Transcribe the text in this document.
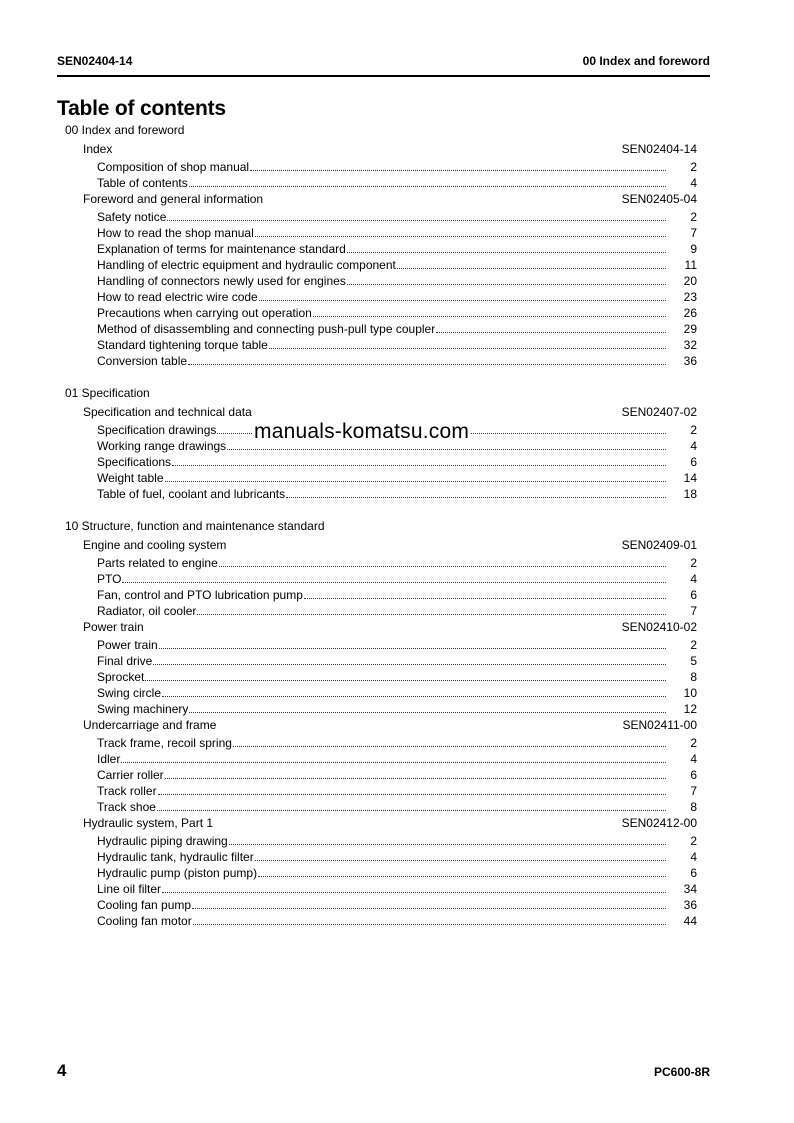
SEN02404-14	00 Index and foreword
Table of contents
00 Index and foreword
Index	SEN02404-14
Composition of shop manual	2
Table of contents	4
Foreword and general information	SEN02405-04
Safety notice	2
How to read the shop manual	7
Explanation of terms for maintenance standard	9
Handling of electric equipment and hydraulic component	11
Handling of connectors newly used for engines	20
How to read electric wire code	23
Precautions when carrying out operation	26
Method of disassembling and connecting push-pull type coupler	29
Standard tightening torque table	32
Conversion table	36
01 Specification
Specification and technical data	SEN02407-02
Specification drawings	2
Working range drawings	4
Specifications	6
Weight table	14
Table of fuel, coolant and lubricants	18
10 Structure, function and maintenance standard
Engine and cooling system	SEN02409-01
Parts related to engine	2
PTO	4
Fan, control and PTO lubrication pump	6
Radiator, oil cooler	7
Power train	SEN02410-02
Power train	2
Final drive	5
Sprocket	8
Swing circle	10
Swing machinery	12
Undercarriage and frame	SEN02411-00
Track frame, recoil spring	2
Idler	4
Carrier roller	6
Track roller	7
Track shoe	8
Hydraulic system, Part 1	SEN02412-00
Hydraulic piping drawing	2
Hydraulic tank, hydraulic filter	4
Hydraulic pump (piston pump)	6
Line oil filter	34
Cooling fan pump	36
Cooling fan motor	44
manuals-komatsu.com
4	PC600-8R
